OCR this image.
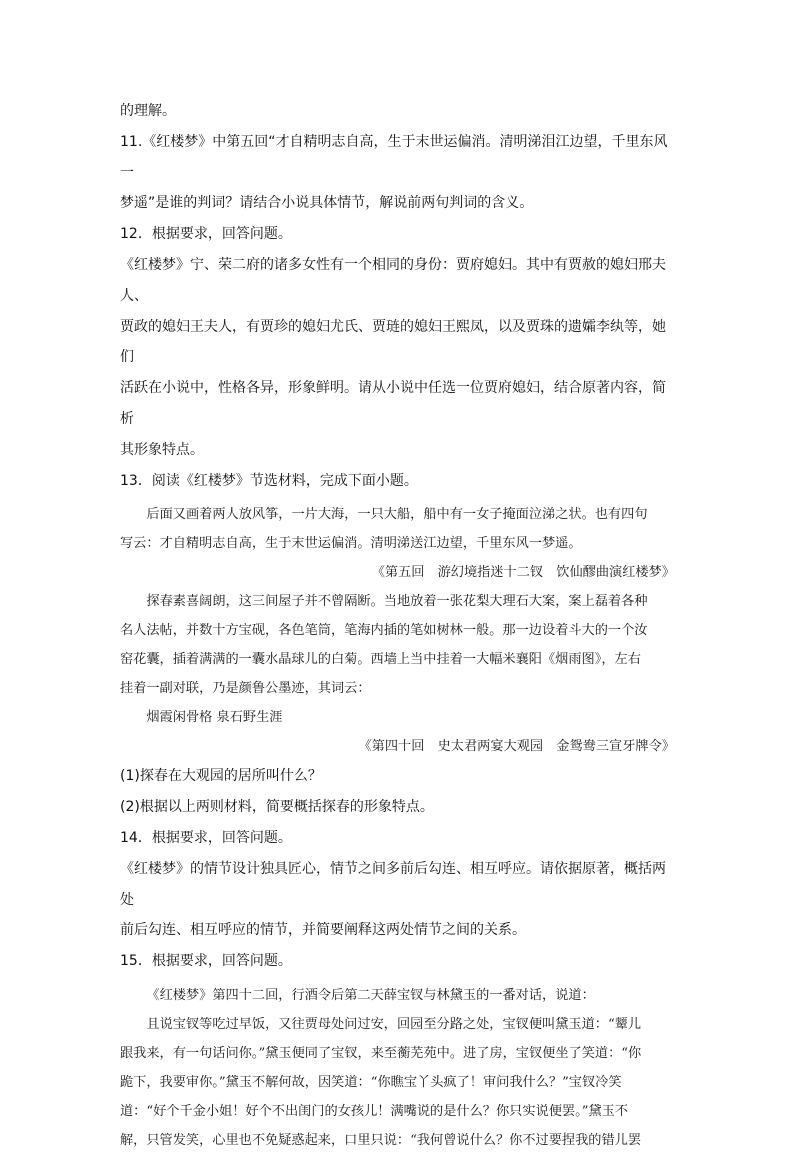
的理解。

11.《红楼梦》中第五回“才自精明志自高，生于末世运偏消。清明涕泪江边望，千里东风一

梦遥”是谁的判词？请结合小说具体情节，解说前两句判词的含义。

12．根据要求，回答问题。

《红楼梦》宁、荣二府的诸多女性有一个相同的身份：贾府媳妇。其中有贾赦的媳妇邢夫人、

贾政的媳妇王夫人，有贾珍的媳妇尤氏、贾琏的媳妇王熙凤，以及贾珠的遗孀李纨等，她们

活跃在小说中，性格各异，形象鲜明。请从小说中任选一位贾府媳妇，结合原著内容，简析

其形象特点。

13．阅读《红楼梦》节选材料，完成下面小题。

后面又画着两人放风筝，一片大海，一只大船，船中有一女子掩面泣涕之状。也有四句

写云：才自精明志自高，生于末世运偏消。清明涕送江边望，千里东风一梦遥。

《第五回　游幻境指迷十二钗　饮仙醪曲演红楼梦》

探春素喜阔朗，这三间屋子并不曾隔断。当地放着一张花梨大理石大案，案上磊着各种

名人法帖，并数十方宝砚，各色笔筒，笔海内插的笔如树林一般。那一边设着斗大的一个汝

窑花囊，插着满满的一囊水晶球儿的白菊。西墙上当中挂着一大幅米襄阳《烟雨图》，左右

挂着一副对联，乃是颜鲁公墨迹，其词云：

烟霞闲骨格 泉石野生涯

《第四十回　史太君两宴大观园　金鸳鸯三宣牙牌令》

(1)探春在大观园的居所叫什么？

(2)根据以上两则材料，简要概括探春的形象特点。

14．根据要求，回答问题。

《红楼梦》的情节设计独具匠心，情节之间多前后勾连、相互呼应。请依据原著，概括两处

前后勾连、相互呼应的情节，并简要阐释这两处情节之间的关系。

15．根据要求，回答问题。

《红楼梦》第四十二回，行酒令后第二天薛宝钗与林黛玉的一番对话，说道：

且说宝钗等吃过早饭，又往贾母处问过安，回园至分路之处，宝钗便叫黛玉道：“颦儿

跟我来，有一句话问你。”黛玉便同了宝钗，来至蘅芜苑中。进了房，宝钗便坐了笑道：“你

跪下，我要审你。”黛玉不解何故，因笑道：“你瞧宝丫头疯了！审问我什么？”宝钗冷笑

道：“好个千金小姐！好个不出闺门的女孩儿！满嘴说的是什么？你只实说便罢。”黛玉不

解，只管发笑，心里也不免疑惑起来，口里只说：“我何曾说什么？你不过要捏我的错儿罢
